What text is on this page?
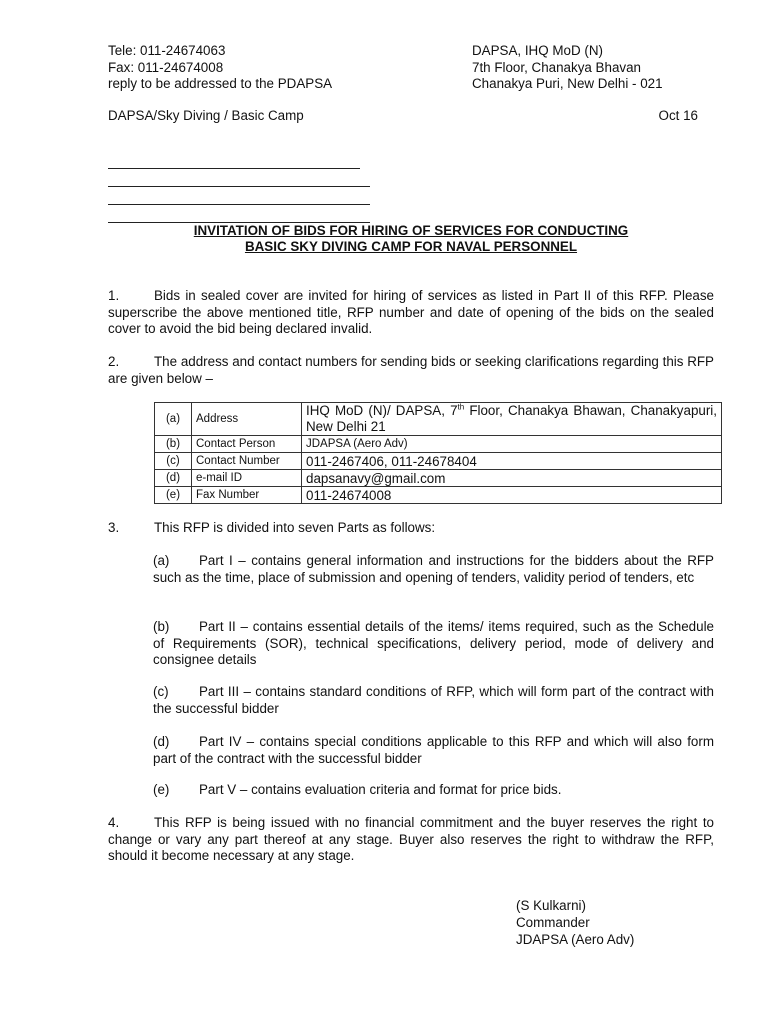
Tele: 011-24674063
Fax: 011-24674008
reply to be addressed to the PDAPSA
DAPSA, IHQ MoD (N)
7th Floor, Chanakya Bhavan
Chanakya Puri, New Delhi - 021
DAPSA/Sky Diving / Basic Camp	Oct 16
INVITATION OF BIDS FOR HIRING OF SERVICES FOR CONDUCTING
BASIC SKY DIVING CAMP FOR NAVAL PERSONNEL
1.	Bids in sealed cover are invited for hiring of services as listed in Part II of this RFP. Please superscribe the above mentioned title, RFP number and date of opening of the bids on the sealed cover to avoid the bid being declared invalid.
2.	The address and contact numbers for sending bids or seeking clarifications regarding this RFP are given below –
(a)	Address	IHQ MoD (N)/ DAPSA, 7th Floor, Chanakya Bhawan, Chanakyapuri, New Delhi 21
(b)	Contact Person	JDAPSA (Aero Adv)
(c)	Contact Number	011-2467406, 011-24678404
(d)	e-mail ID	dapsanavy@gmail.com
(e)	Fax Number	011-24674008
3.	This RFP is divided into seven Parts as follows:
(a) Part I – contains general information and instructions for the bidders about the RFP such as the time, place of submission and opening of tenders, validity period of tenders, etc
(b) Part II – contains essential details of the items/ items required, such as the Schedule of Requirements (SOR), technical specifications, delivery period, mode of delivery and consignee details
(c) Part III – contains standard conditions of RFP, which will form part of the contract with the successful bidder
(d) Part IV – contains special conditions applicable to this RFP and which will also form part of the contract with the successful bidder
(e) Part V – contains evaluation criteria and format for price bids.
4.	This RFP is being issued with no financial commitment and the buyer reserves the right to change or vary any part thereof at any stage. Buyer also reserves the right to withdraw the RFP, should it become necessary at any stage.
(S Kulkarni)
Commander
JDAPSA (Aero Adv)
